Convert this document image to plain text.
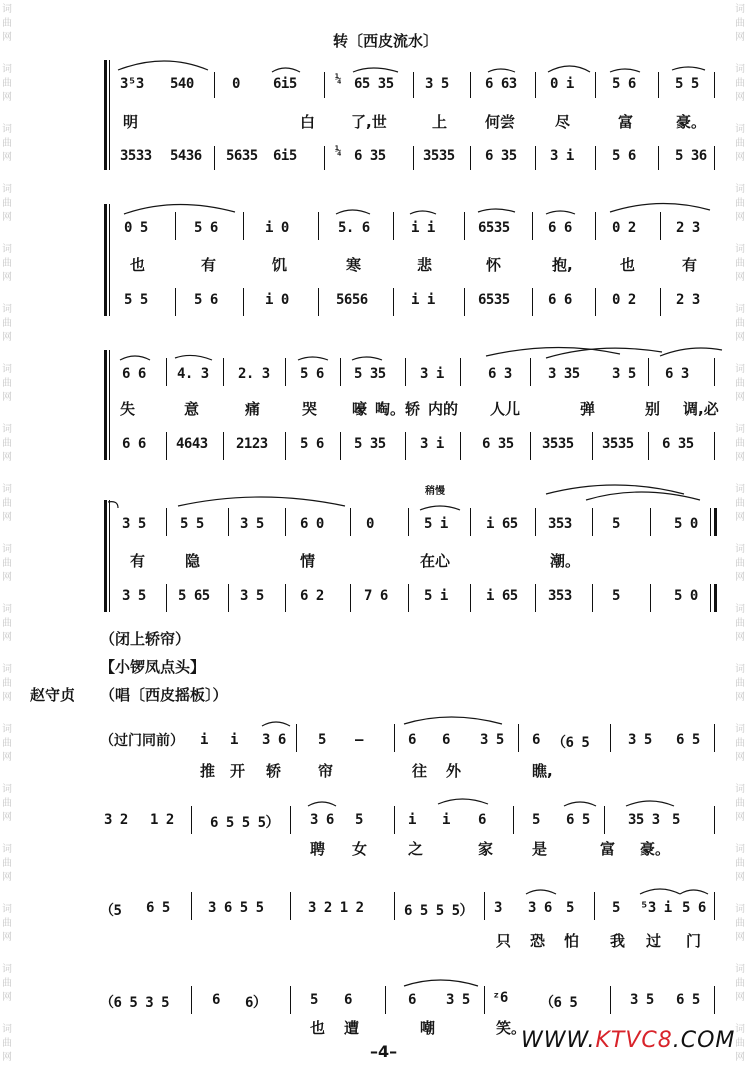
词
曲
网
词
曲
网
词
曲
网
词
曲
网
词
曲
网
词
曲
网
词
曲
网
词
曲
网
词
曲
网
词
曲
网
词
曲
网
词
曲
网
词
曲
网
词
曲
网
词
曲
网
词
曲
网
词
曲
网
词
曲
网
词
曲
网
词
曲
网
词
曲
网
词
曲
网
词
曲
网
词
曲
网
词
曲
网
词
曲
网
词
曲
网
词
曲
网
词
曲
网
词
曲
网
词
曲
网
词
曲
网
词
曲
网
词
曲
网
词
曲
网
词
曲
网
转〔西皮流水〕
3⁵3 540	0 6i5	¼ 65 35 3 5	6 63 0 i	5 6	5 5
明	白 了,世	上	何尝	尽	富	豪。
3533 5436 5635 6i5	¼ 6 35	3535 6 35 3 i	5 6	5 36
0 5	5 6	i 0	5. 6	i i	6535	6 6	0 2	2 3
也	有	饥	寒	悲	怀	抱,	也	有
5 5	5 6	i 0	5656	i i	6535	6 6	0 2	2 3
6 6 4. 3 2. 3 5 6 5 35 3 i	6 3	3 35 3 5 6 3
失	意	痛	哭 嚎 啕。轿 内的 人儿	弹	别 调,必
6 6 4643 2123 5 6 5 35 3 i	6 35 3535 3535 6 35
稍慢
3 5 5 5	3 5	6 0	0	5 i	i 65 353	5	5 0
有	隐	情	在心	潮。
3 5 5 65 3 5	6 2	7 6	5 i	i 65 353	5	5 0
（闭上轿帘）
【小锣凤点头】
赵守贞 （唱〔西皮摇板〕）
（过门同前） i i 3 6 5 –	6 6 3 5 6 （6 5	3 5 6 5
推 开 轿 帘	往 外	瞧,
3 2 1 2	6 5 5 5） 3 6 5	i i 6	5 6 5	35 3 5
聘 女	之	家	是	富 豪。
（5 6 5	3 6 5 5	3 2 1 2	6 5 5 5） 3 3 6 5	5 ⁵3 i 5 6
只 恐 怕 我 过 门
（6 5 3 5	6 6）	5 6	6 3 5 ᶻ6 （6 5	3 5 6 5
也 遭	嘲	笑。
–4–	WWW.KTVC8.COM
